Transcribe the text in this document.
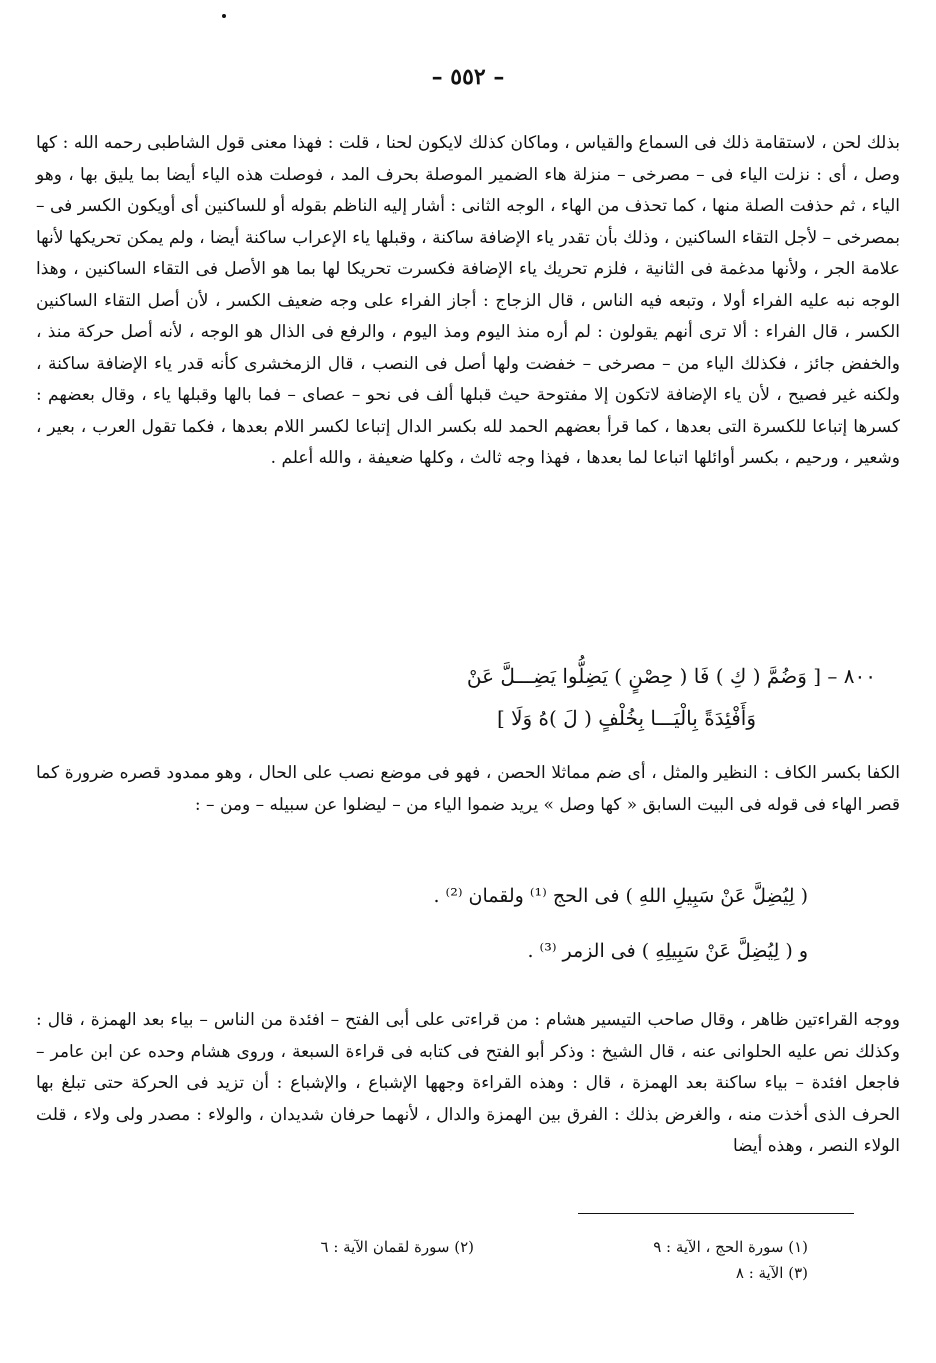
– ٥٥٢ –

بذلك لحن ، لاستقامة ذلك فى السماع والقياس ، وماكان كذلك لايكون لحنا ، قلت : فهذا معنى قول الشاطبى رحمه الله : كها وصل ، أى : نزلت الياء فى – مصرخى – منزلة هاء الضمير الموصلة بحرف المد ، فوصلت هذه الياء أيضا بما يليق بها ، وهو الياء ، ثم حذفت الصلة منها ، كما تحذف من الهاء ، الوجه الثانى : أشار إليه الناظم بقوله أو للساكنين أى أويكون الكسر فى – بمصرخى – لأجل التقاء الساكنين ، وذلك بأن تقدر ياء الإضافة ساكنة ، وقبلها ياء الإعراب ساكنة أيضا ، ولم يمكن تحريكها لأنها علامة الجر ، ولأنها مدغمة فى الثانية ، فلزم تحريك ياء الإضافة فكسرت تحريكا لها بما هو الأصل فى التقاء الساكنين ، وهذا الوجه نبه عليه الفراء أولا ، وتبعه فيه الناس ، قال الزجاج : أجاز الفراء على وجه ضعيف الكسر ، لأن أصل التقاء الساكنين الكسر ، قال الفراء : ألا ترى أنهم يقولون : لم أره منذ اليوم ومذ اليوم ، والرفع فى الذال هو الوجه ، لأنه أصل حركة منذ ، والخفض جائز ، فكذلك الياء من – مصرخى – خفضت ولها أصل فى النصب ، قال الزمخشرى كأنه قدر ياء الإضافة ساكنة ، ولكنه غير فصيح ، لأن ياء الإضافة لاتكون إلا مفتوحة حيث قبلها ألف فى نحو – عصاى – فما بالها وقبلها ياء ، وقال بعضهم : كسرها إتباعا للكسرة التى بعدها ، كما قرأ بعضهم الحمد لله بكسر الدال إتباعا لكسر اللام بعدها ، فكما تقول العرب ، بعير ، وشعير ، ورحيم ، بكسر أوائلها اتباعا لما بعدها ، فهذا وجه ثالث ، وكلها ضعيفة ، والله أعلم .

٨٠٠ – [ وَضُمَّ ( كِ ) فَا ( حِصْنٍ ) يَضِلُّوا يَضِـــلَّ عَنْ

وَأَفْئِدَةً بِالْيَـــا بِخُلْفٍ ( لَ )هُ وَلَا ]

الكفا بكسر الكاف : النظير والمثل ، أى ضم مماثلا الحصن ، فهو فى موضع نصب على الحال ، وهو ممدود قصره ضرورة كما قصر الهاء فى قوله فى البيت السابق « كها وصل » يريد ضموا الياء من – ليضلوا عن سبيله – ومن – :

( لِيُضِلَّ عَنْ سَبِيلِ اللهِ ) فى الحج ⁽¹⁾ ولقمان ⁽²⁾ .

و ( لِيُضِلَّ عَنْ سَبِيلِهِ ) فى الزمر ⁽³⁾ .

ووجه القراءتين ظاهر ، وقال صاحب التيسير هشام : من قراءتى على أبى الفتح – افئدة من الناس – بياء بعد الهمزة ، قال : وكذلك نص عليه الحلوانى عنه ، قال الشيخ : وذكر أبو الفتح فى كتابه فى قراءة السبعة ، وروى هشام وحده عن ابن عامر – فاجعل افئدة – بياء ساكنة بعد الهمزة ، قال : وهذه القراءة وجهها الإشباع ، والإشباع : أن تزيد فى الحركة حتى تبلغ بها الحرف الذى أخذت منه ، والغرض بذلك : الفرق بين الهمزة والدال ، لأنهما حرفان شديدان ، والولاء : مصدر ولى ولاء ، قلت الولاء النصر ، وهذه أيضا

(١) سورة الحج ، الآية : ٩

(٢) سورة لقمان الآية : ٦

(٣) الآية : ٨
